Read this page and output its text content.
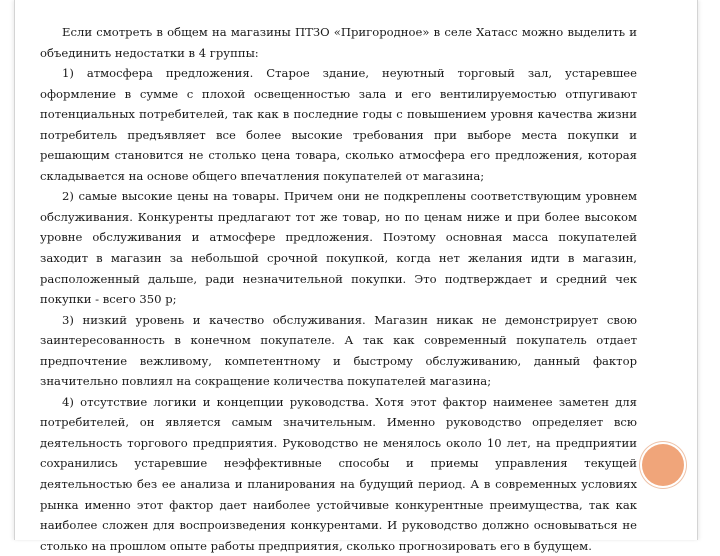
Если смотреть в общем на магазины ПТЗО «Пригородное» в селе Хатасс можно выделить и объединить недостатки в 4 группы:

1) атмосфера предложения. Старое здание, неуютный торговый зал, устаревшее оформление в сумме с плохой освещенностью зала и его вентилируемостью отпугивают потенциальных потребителей, так как в последние годы с повышением уровня качества жизни потребитель предъявляет все более высокие требования при выборе места покупки и решающим становится не столько цена товара, сколько атмосфера его предложения, которая складывается на основе общего впечатления покупателей от магазина;

2) самые высокие цены на товары. Причем они не подкреплены соответствующим уровнем обслуживания. Конкуренты предлагают тот же товар, но по ценам ниже и при более высоком уровне обслуживания и атмосфере предложения. Поэтому основная масса покупателей заходит в магазин за небольшой срочной покупкой, когда нет желания идти в магазин, расположенный дальше, ради незначительной покупки. Это подтверждает и средний чек покупки - всего 350 р;

3) низкий уровень и качество обслуживания. Магазин никак не демонстрирует свою заинтересованность в конечном покупателе. А так как современный покупатель отдает предпочтение вежливому, компетентному и быстрому обслуживанию, данный фактор значительно повлиял на сокращение количества покупателей магазина;

4) отсутствие логики и концепции руководства. Хотя этот фактор наименее заметен для потребителей, он является самым значительным. Именно руководство определяет всю деятельность торгового предприятия. Руководство не менялось около 10 лет, на предприятии сохранились устаревшие неэффективные способы и приемы управления текущей деятельностью без ее анализа и планирования на будущий период. А в современных условиях рынка именно этот фактор дает наиболее устойчивые конкурентные преимущества, так как наиболее сложен для воспроизведения конкурентами. И руководство должно основываться не столько на прошлом опыте работы предприятия, сколько прогнозировать его в будущем.
